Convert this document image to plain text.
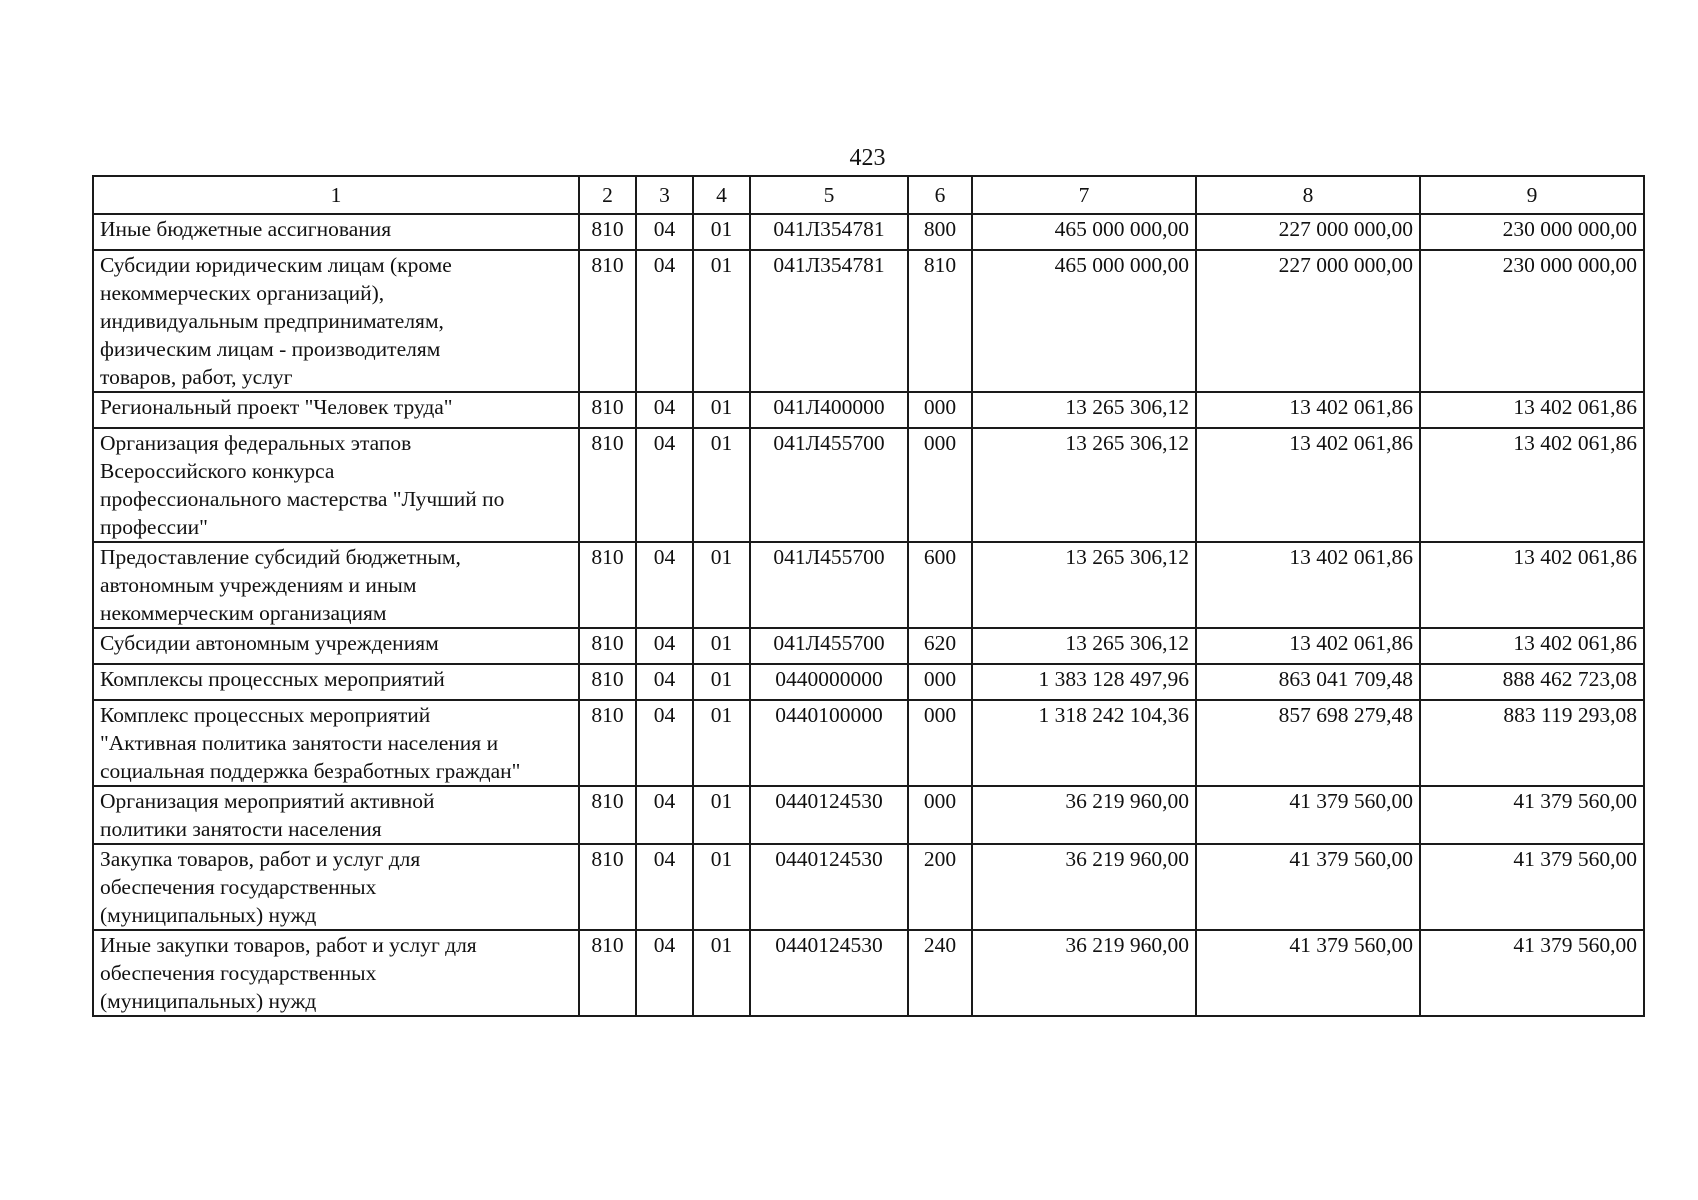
423
1	2	3	4	5	6	7	8	9

Иные бюджетные ассигнования	810	04	01	041Л354781	800	465 000 000,00	227 000 000,00	230 000 000,00

Субсидии юридическим лицам (кроме
некоммерческих организаций),
индивидуальным предпринимателям,
физическим лицам - производителям
товаров, работ, услуг	810	04	01	041Л354781	810	465 000 000,00	227 000 000,00	230 000 000,00

Региональный проект "Человек труда"	810	04	01	041Л400000	000	13 265 306,12	13 402 061,86	13 402 061,86

Организация федеральных этапов
Всероссийского конкурса
профессионального мастерства "Лучший по
профессии"	810	04	01	041Л455700	000	13 265 306,12	13 402 061,86	13 402 061,86

Предоставление субсидий бюджетным,
автономным учреждениям и иным
некоммерческим организациям	810	04	01	041Л455700	600	13 265 306,12	13 402 061,86	13 402 061,86

Субсидии автономным учреждениям	810	04	01	041Л455700	620	13 265 306,12	13 402 061,86	13 402 061,86

Комплексы процессных мероприятий	810	04	01	0440000000	000	1 383 128 497,96	863 041 709,48	888 462 723,08

Комплекс процессных мероприятий
"Активная политика занятости населения и
социальная поддержка безработных граждан"	810	04	01	0440100000	000	1 318 242 104,36	857 698 279,48	883 119 293,08

Организация мероприятий активной
политики занятости населения	810	04	01	0440124530	000	36 219 960,00	41 379 560,00	41 379 560,00

Закупка товаров, работ и услуг для
обеспечения государственных
(муниципальных) нужд	810	04	01	0440124530	200	36 219 960,00	41 379 560,00	41 379 560,00

Иные закупки товаров, работ и услуг для
обеспечения государственных
(муниципальных) нужд	810	04	01	0440124530	240	36 219 960,00	41 379 560,00	41 379 560,00
